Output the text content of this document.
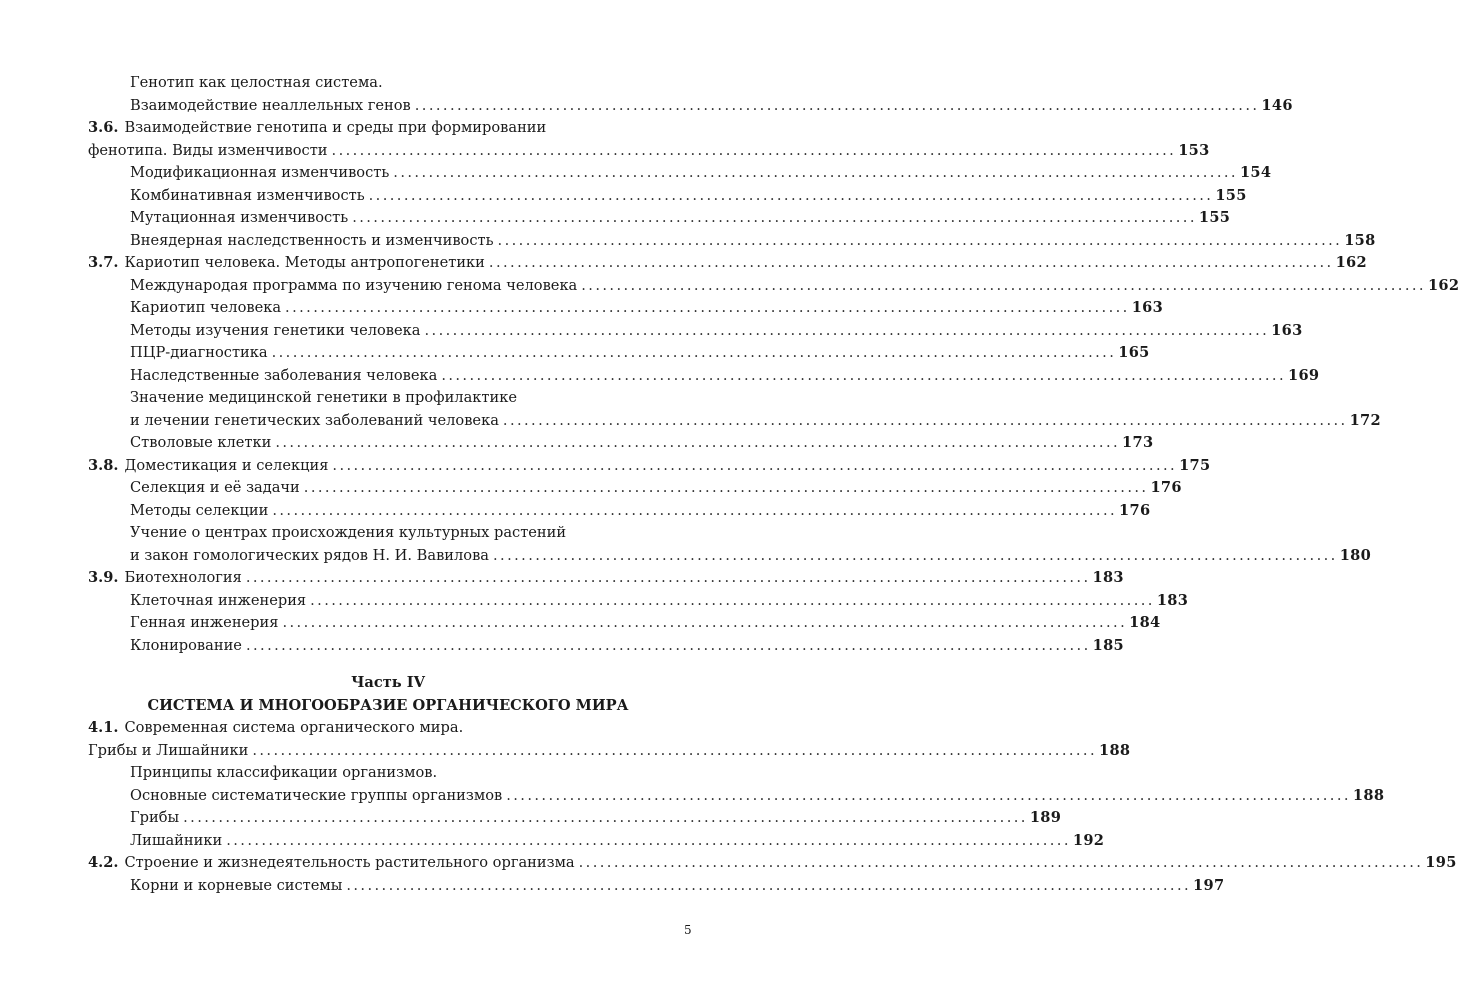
Генотип как целостная система.
Взаимодействие неаллельных генов ........................................................................................................................ 146
3.6. Взаимодействие генотипа и среды при формировании
фенотипа. Виды изменчивости ........................................................................................................................ 153
Модификационная изменчивость ........................................................................................................................ 154
Комбинативная изменчивость ........................................................................................................................ 155
Мутационная изменчивость ........................................................................................................................ 155
Внеядерная наследственность и изменчивость ........................................................................................................................ 158
3.7. Кариотип человека. Методы антропогенетики ........................................................................................................................ 162
Международая программа по изучению генома человека ........................................................................................................................ 162
Кариотип человека ........................................................................................................................ 163
Методы изучения генетики человека ........................................................................................................................ 163
ПЦР-диагностика ........................................................................................................................ 165
Наследственные заболевания человека ........................................................................................................................ 169
Значение медицинской генетики в профилактике
и лечении генетических заболеваний человека ........................................................................................................................ 172
Стволовые клетки ........................................................................................................................ 173
3.8. Доместикация и селекция ........................................................................................................................ 175
Селекция и её задачи ........................................................................................................................ 176
Методы селекции ........................................................................................................................ 176
Учение о центрах происхождения культурных растений
и закон гомологических рядов Н. И. Вавилова ........................................................................................................................ 180
3.9. Биотехнология ........................................................................................................................ 183
Клеточная инженерия ........................................................................................................................ 183
Генная инженерия ........................................................................................................................ 184
Клонирование ........................................................................................................................ 185
Часть IV
СИСТЕМА И МНОГООБРАЗИЕ ОРГАНИЧЕСКОГО МИРА
4.1. Современная система органического мира.
Грибы и Лишайники ........................................................................................................................ 188
Принципы классификации организмов.
Основные систематические группы организмов ........................................................................................................................ 188
Грибы ........................................................................................................................ 189
Лишайники ........................................................................................................................ 192
4.2. Строение и жизнедеятельность растительного организма ........................................................................................................................ 195
Корни и корневые системы ........................................................................................................................ 197
5
